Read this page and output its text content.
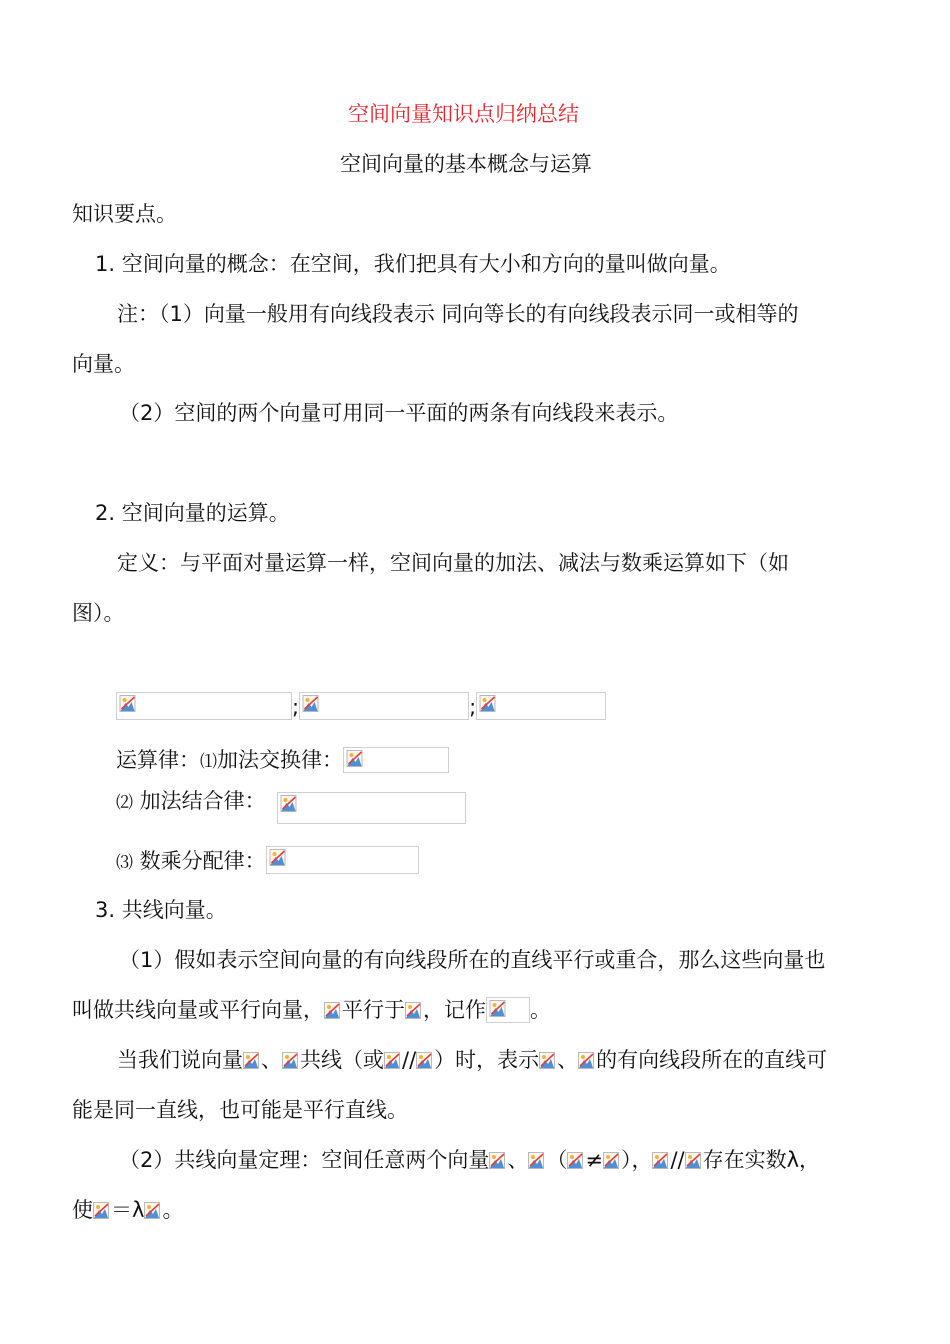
空间向量知识点归纳总结
空间向量的基本概念与运算
知识要点。
1. 空间向量的概念：在空间，我们把具有大小和方向的量叫做向量。
注：（1）向量一般用有向线段表示 同向等长的有向线段表示同一或相等的
向量。
（2）空间的两个向量可用同一平面的两条有向线段来表示。
2. 空间向量的运算。
定义：与平面对量运算一样，空间向量的加法、减法与数乘运算如下（如
图）。
;	;
运算律：⑴加法交换律：
⑵ 加法结合律：
⑶ 数乘分配律：
3. 共线向量。
（1）假如表示空间向量的有向线段所在的直线平行或重合，那么这些向量也
叫做共线向量或平行向量， 平行于 ，记作 。
当我们说向量 、 共线（或 // ）时，表示 、 的有向线段所在的直线可
能是同一直线，也可能是平行直线。
（2）共线向量定理：空间任意两个向量 、 （ ≠ ）， // 存在实数λ，
使 ＝λ 。
